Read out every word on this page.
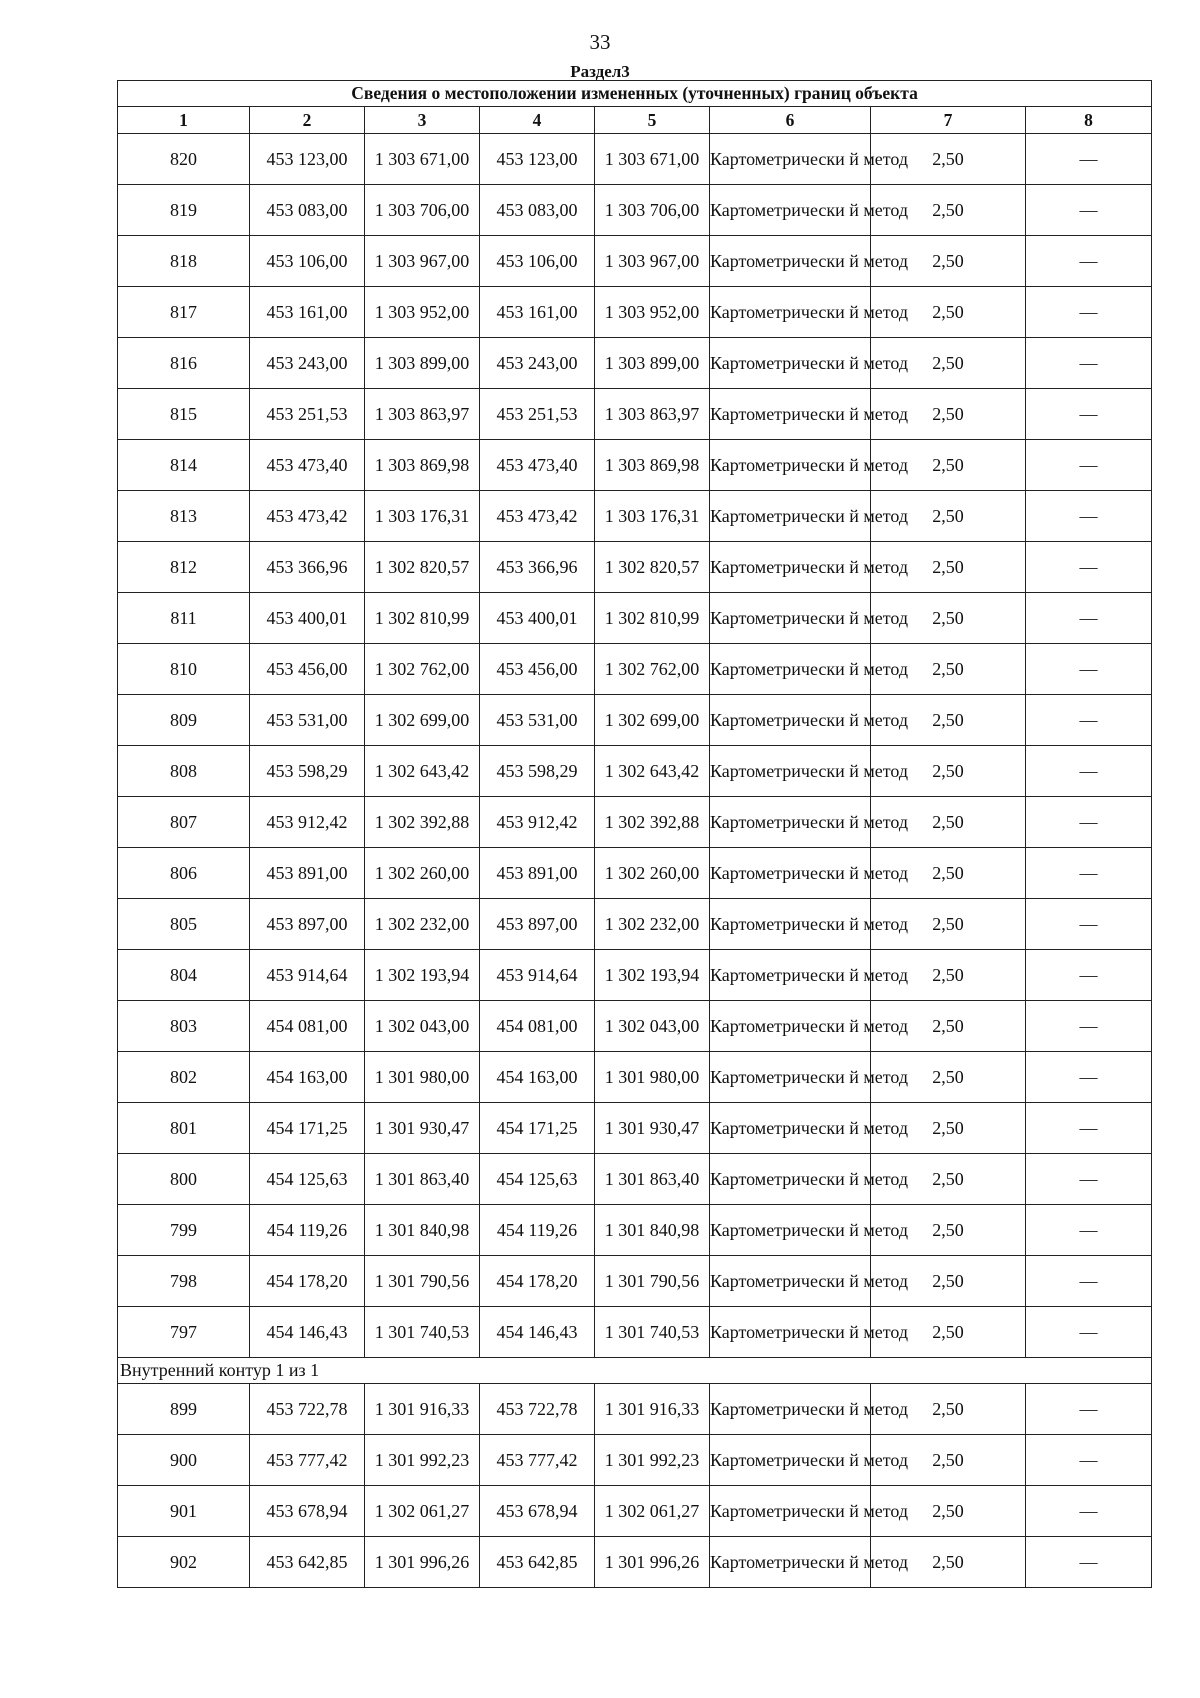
33
Раздел3
Сведения о местоположении измененных (уточненных) границ объекта							
1	2	3	4	5	6	7	8
820	453 123,00	1 303 671,00	453 123,00	1 303 671,00	Картометрически й метод	2,50	—
819	453 083,00	1 303 706,00	453 083,00	1 303 706,00	Картометрически й метод	2,50	—
818	453 106,00	1 303 967,00	453 106,00	1 303 967,00	Картометрически й метод	2,50	—
817	453 161,00	1 303 952,00	453 161,00	1 303 952,00	Картометрически й метод	2,50	—
816	453 243,00	1 303 899,00	453 243,00	1 303 899,00	Картометрически й метод	2,50	—
815	453 251,53	1 303 863,97	453 251,53	1 303 863,97	Картометрически й метод	2,50	—
814	453 473,40	1 303 869,98	453 473,40	1 303 869,98	Картометрически й метод	2,50	—
813	453 473,42	1 303 176,31	453 473,42	1 303 176,31	Картометрически й метод	2,50	—
812	453 366,96	1 302 820,57	453 366,96	1 302 820,57	Картометрически й метод	2,50	—
811	453 400,01	1 302 810,99	453 400,01	1 302 810,99	Картометрически й метод	2,50	—
810	453 456,00	1 302 762,00	453 456,00	1 302 762,00	Картометрически й метод	2,50	—
809	453 531,00	1 302 699,00	453 531,00	1 302 699,00	Картометрически й метод	2,50	—
808	453 598,29	1 302 643,42	453 598,29	1 302 643,42	Картометрически й метод	2,50	—
807	453 912,42	1 302 392,88	453 912,42	1 302 392,88	Картометрически й метод	2,50	—
806	453 891,00	1 302 260,00	453 891,00	1 302 260,00	Картометрически й метод	2,50	—
805	453 897,00	1 302 232,00	453 897,00	1 302 232,00	Картометрически й метод	2,50	—
804	453 914,64	1 302 193,94	453 914,64	1 302 193,94	Картометрически й метод	2,50	—
803	454 081,00	1 302 043,00	454 081,00	1 302 043,00	Картометрически й метод	2,50	—
802	454 163,00	1 301 980,00	454 163,00	1 301 980,00	Картометрически й метод	2,50	—
801	454 171,25	1 301 930,47	454 171,25	1 301 930,47	Картометрически й метод	2,50	—
800	454 125,63	1 301 863,40	454 125,63	1 301 863,40	Картометрически й метод	2,50	—
799	454 119,26	1 301 840,98	454 119,26	1 301 840,98	Картометрически й метод	2,50	—
798	454 178,20	1 301 790,56	454 178,20	1 301 790,56	Картометрически й метод	2,50	—
797	454 146,43	1 301 740,53	454 146,43	1 301 740,53	Картометрически й метод	2,50	—
Внутренний контур 1 из 1							
899	453 722,78	1 301 916,33	453 722,78	1 301 916,33	Картометрически й метод	2,50	—
900	453 777,42	1 301 992,23	453 777,42	1 301 992,23	Картометрически й метод	2,50	—
901	453 678,94	1 302 061,27	453 678,94	1 302 061,27	Картометрически й метод	2,50	—
902	453 642,85	1 301 996,26	453 642,85	1 301 996,26	Картометрически й метод	2,50	—
